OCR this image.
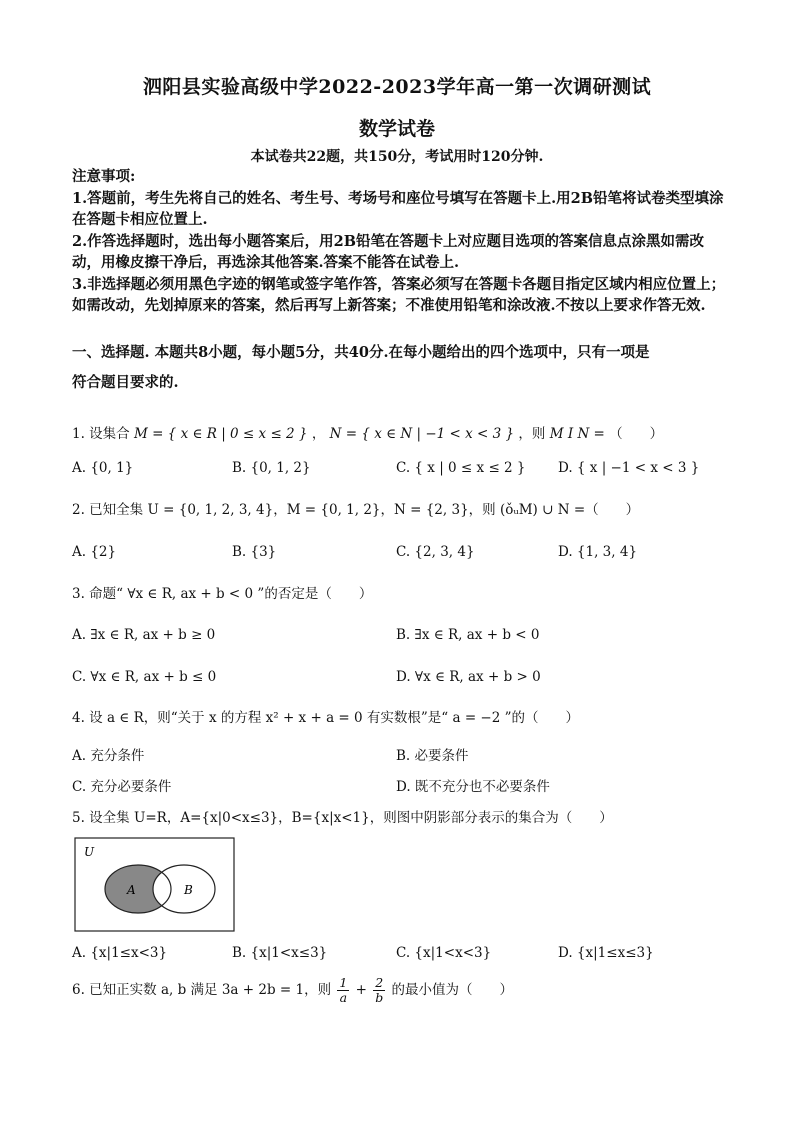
泗阳县实验高级中学2022-2023学年高一第一次调研测试
数学试卷
本试卷共22题，共150分，考试用时120分钟.
注意事项:
1.答题前，考生先将自己的姓名、考生号、考场号和座位号填写在答题卡上.用2B铅笔将试卷类型填涂在答题卡相应位置上.
2.作答选择题时，选出每小题答案后，用2B铅笔在答题卡上对应题目选项的答案信息点涂黑如需改动，用橡皮擦干净后，再选涂其他答案.答案不能答在试卷上.
3.非选择题必须用黑色字迹的钢笔或签字笔作答，答案必须写在答题卡各题目指定区域内相应位置上；如需改动，先划掉原来的答案，然后再写上新答案；不准使用铅笔和涂改液.不按以上要求作答无效.
一、选择题. 本题共8小题，每小题5分，共40分.在每小题给出的四个选项中，只有一项是
符合题目要求的.
1. 设集合 M = { x ∈ R | 0 ≤ x ≤ 2 } ， N = { x ∈ N | −1 < x < 3 } ，则 M I N = （　　）
A. {0, 1}	B. {0, 1, 2}	C. { x | 0 ≤ x ≤ 2 } D. { x | −1 < x < 3 }
2. 已知全集 U = {0, 1, 2, 3, 4}，M = {0, 1, 2}，N = {2, 3}，则 (ǒᵤM) ∪ N =（　　）
A. {2}	B. {3}	C. {2, 3, 4}	D. {1, 3, 4}
3. 命题“ ∀x ∈ R, ax + b < 0 ”的否定是（　　）
A. ∃x ∈ R, ax + b ≥ 0	B. ∃x ∈ R, ax + b < 0
C. ∀x ∈ R, ax + b ≤ 0	D. ∀x ∈ R, ax + b > 0
4. 设 a ∈ R，则“关于 x 的方程 x² + x + a = 0 有实数根”是“ a = −2 ”的（　　）
A. 充分条件	B. 必要条件
C. 充分必要条件	D. 既不充分也不必要条件
5. 设全集 U=R，A={x|0<x≤3}，B={x|x<1}，则图中阴影部分表示的集合为（　　）
U
A	B
A. {x|1≤x<3}	B. {x|1<x≤3}	C. {x|1<x<3}	D. {x|1≤x≤3}
6. 已知正实数 a, b 满足 3a + 2b = 1，则 $\frac{1}{a} + \frac{2}{b}$ 的最小值为（　　）
